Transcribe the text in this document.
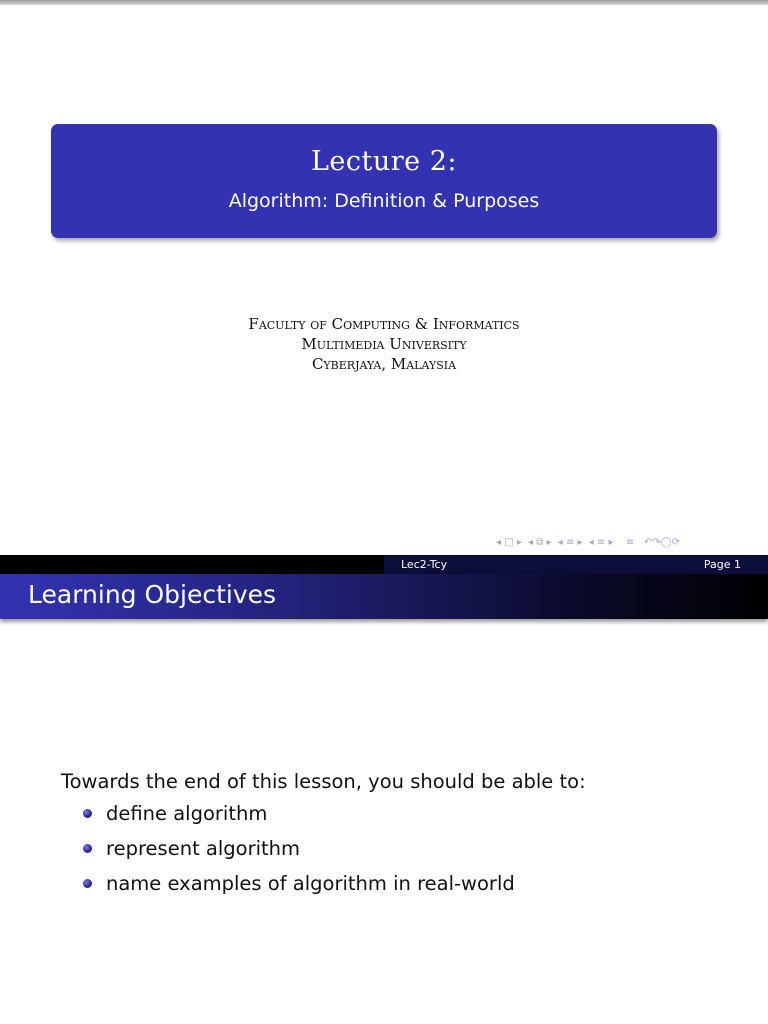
Lecture 2:
Algorithm: Definition & Purposes
Faculty of Computing & Informatics
Multimedia University
Cyberjaya, Malaysia
◂ □ ▸ ◂ ⧉ ▸ ◂ ≡ ▸ ◂ ≡ ▸ ≡ ↶↷◯⟳
Lec2-Tcy	Page 1
Learning Objectives

Towards the end of this lesson, you should be able to:

define algorithm
represent algorithm
name examples of algorithm in real-world
